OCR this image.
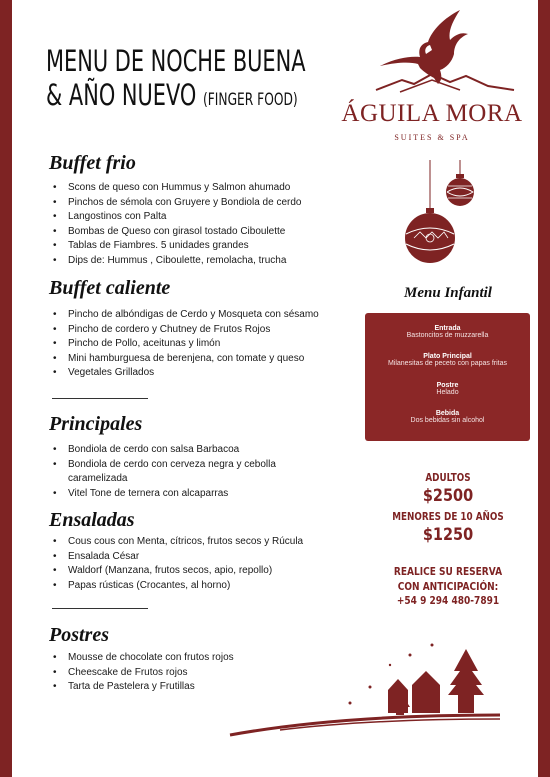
MENU DE NOCHE BUENA
& AÑO NUEVO (FINGER FOOD)	ÁGUILA MORA
SUITES & SPA
Buffet frio
• Scons de queso con Hummus y Salmon ahumado
• Pinchos de sémola con Gruyere y Bondiola de cerdo
• Langostinos con Palta
• Bombas de Queso con girasol tostado Ciboulette
• Tablas de Fiambres. 5 unidades grandes
• Dips de: Hummus , Ciboulette, remolacha, trucha
Buffet caliente
• Pincho de albóndigas de Cerdo y Mosqueta con sésamo
• Pincho de cordero y Chutney de Frutos Rojos
• Pincho de Pollo, aceitunas y limón
• Mini hamburguesa de berenjena, con tomate y queso
• Vegetales Grillados
Principales
• Bondiola de cerdo con salsa Barbacoa
• Bondiola de cerdo con cerveza negra y cebolla caramelizada
• Vitel Tone de ternera con alcaparras
Ensaladas
• Cous cous con Menta, cítricos, frutos secos y Rúcula
• Ensalada César
• Waldorf (Manzana, frutos secos, apio, repollo)
• Papas rústicas (Crocantes, al horno)
Postres
• Mousse de chocolate con frutos rojos
• Cheescake de Frutos rojos
• Tarta de Pastelera y Frutillas
Menu Infantil
Entrada
Bastoncitos de muzzarella
Plato Principal
Milanesitas de peceto con papas fritas
Postre
Helado
Bebida
Dos bebidas sin alcohol
ADULTOS
$2500
MENORES DE 10 AÑOS
$1250
REALICE SU RESERVA
CON ANTICIPACIÓN:
+54 9 294 480-7891
